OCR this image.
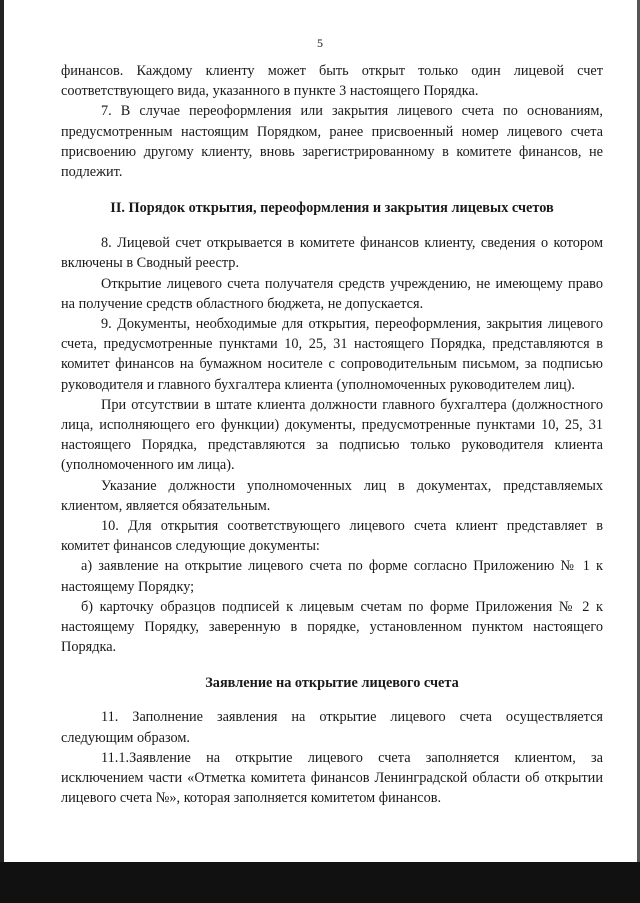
5

финансов. Каждому клиенту может быть открыт только один лицевой счет соответствующего вида, указанного в пункте 3 настоящего Порядка.

7. В случае переоформления или закрытия лицевого счета по основаниям, предусмотренным настоящим Порядком, ранее присвоенный номер лицевого счета присвоению другому клиенту, вновь зарегистрированному в комитете финансов, не подлежит.

II. Порядок открытия, переоформления и закрытия лицевых счетов

8. Лицевой счет открывается в комитете финансов клиенту, сведения о котором включены в Сводный реестр.

Открытие лицевого счета получателя средств учреждению, не имеющему право на получение средств областного бюджета, не допускается.

9. Документы, необходимые для открытия, переоформления, закрытия лицевого счета, предусмотренные пунктами 10, 25, 31 настоящего Порядка, представляются в комитет финансов на бумажном носителе с сопроводительным письмом, за подписью руководителя и главного бухгалтера клиента (уполномоченных руководителем лиц).

При отсутствии в штате клиента должности главного бухгалтера (должностного лица, исполняющего его функции) документы, предусмотренные пунктами 10, 25, 31 настоящего Порядка, представляются за подписью только руководителя клиента (уполномоченного им лица).

Указание должности уполномоченных лиц в документах, представляемых клиентом, является обязательным.

10. Для открытия соответствующего лицевого счета клиент представляет в комитет финансов следующие документы:

а) заявление на открытие лицевого счета по форме согласно Приложению № 1 к настоящему Порядку;

б) карточку образцов подписей к лицевым счетам по форме Приложения № 2 к настоящему Порядку, заверенную в порядке, установленном пунктом настоящего Порядка.

Заявление на открытие лицевого счета

11. Заполнение заявления на открытие лицевого счета осуществляется следующим образом.

11.1.Заявление на открытие лицевого счета заполняется клиентом, за исключением части «Отметка комитета финансов Ленинградской области об открытии лицевого счета №», которая заполняется комитетом финансов.
